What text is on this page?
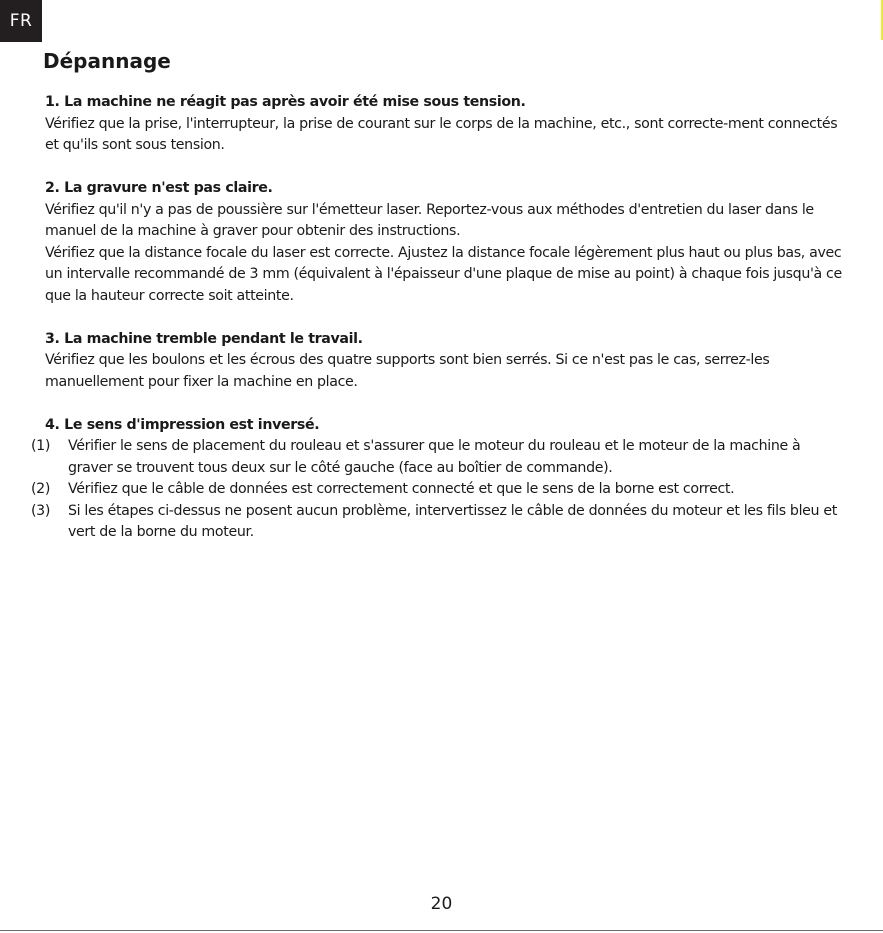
FR
Dépannage

1. La machine ne réagit pas après avoir été mise sous tension.

Vérifiez que la prise, l'interrupteur, la prise de courant sur le corps de la machine, etc., sont correcte-ment connectés et qu'ils sont sous tension.

2. La gravure n'est pas claire.

Vérifiez qu'il n'y a pas de poussière sur l'émetteur laser. Reportez-vous aux méthodes d'entretien du laser dans le manuel de la machine à graver pour obtenir des instructions.

Vérifiez que la distance focale du laser est correcte. Ajustez la distance focale légèrement plus haut ou plus bas, avec un intervalle recommandé de 3 mm (équivalent à l'épaisseur d'une plaque de mise au point) à chaque fois jusqu'à ce que la hauteur correcte soit atteinte.

3. La machine tremble pendant le travail.

Vérifiez que les boulons et les écrous des quatre supports sont bien serrés. Si ce n'est pas le cas, serrez-les manuellement pour fixer la machine en place.

4. Le sens d'impression est inversé.

(1) Vérifier le sens de placement du rouleau et s'assurer que le moteur du rouleau et le moteur de la machine à graver se trouvent tous deux sur le côté gauche (face au boîtier de commande).
(2) Vérifiez que le câble de données est correctement connecté et que le sens de la borne est correct.
(3) Si les étapes ci-dessus ne posent aucun problème, intervertissez le câble de données du moteur et les fils bleu et vert de la borne du moteur.
20
